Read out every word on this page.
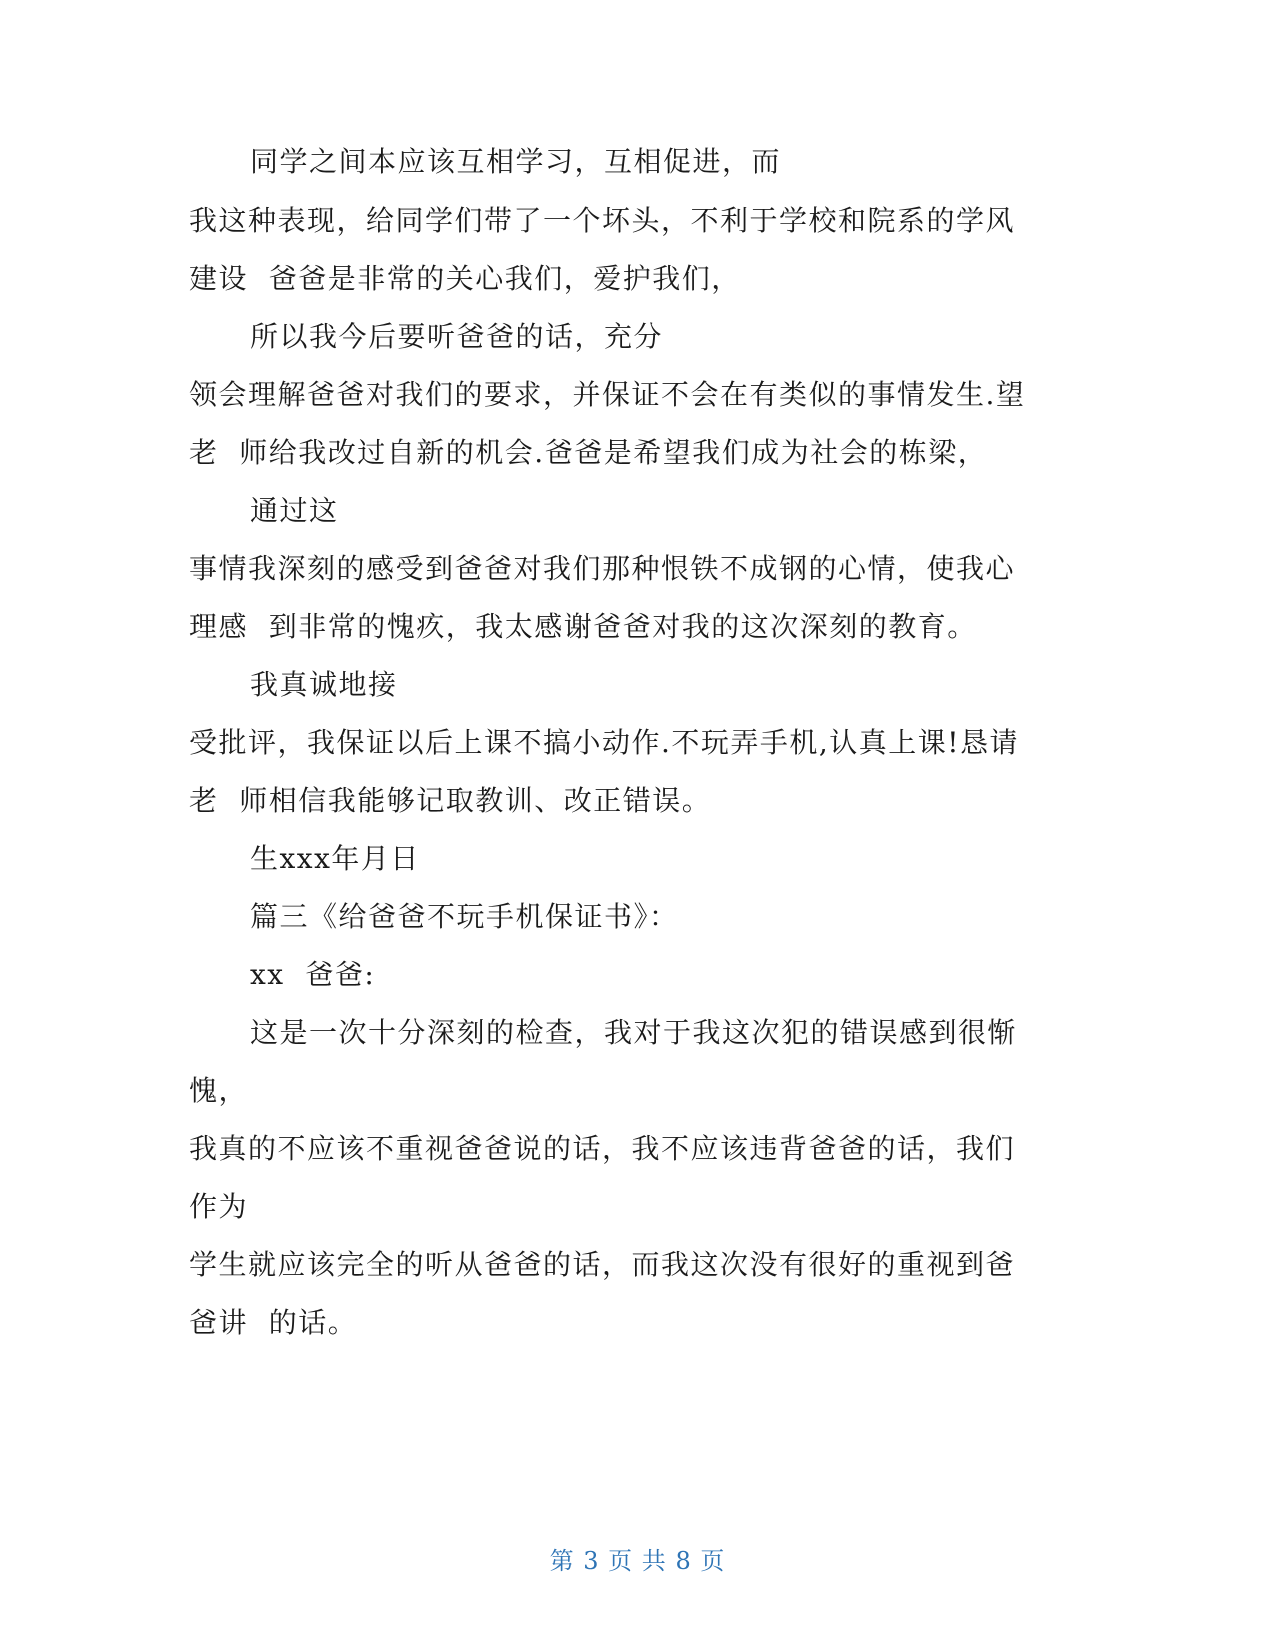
同学之间本应该互相学习，互相促进，而
我这种表现，给同学们带了一个坏头，不利于学校和院系的学风
建设  爸爸是非常的关心我们，爱护我们，
所以我今后要听爸爸的话，充分
领会理解爸爸对我们的要求，并保证不会在有类似的事情发生.望
老  师给我改过自新的机会.爸爸是希望我们成为社会的栋梁，
通过这
事情我深刻的感受到爸爸对我们那种恨铁不成钢的心情，使我心
理感  到非常的愧疚，我太感谢爸爸对我的这次深刻的教育。
我真诚地接
受批评，我保证以后上课不搞小动作.不玩弄手机,认真上课!恳请
老  师相信我能够记取教训、改正错误。
生xxx年月日
篇三《给爸爸不玩手机保证书》：
xx  爸爸:
这是一次十分深刻的检查，我对于我这次犯的错误感到很惭
愧，
我真的不应该不重视爸爸说的话，我不应该违背爸爸的话，我们
作为
学生就应该完全的听从爸爸的话，而我这次没有很好的重视到爸
爸讲  的话。
第 3 页 共 8 页
